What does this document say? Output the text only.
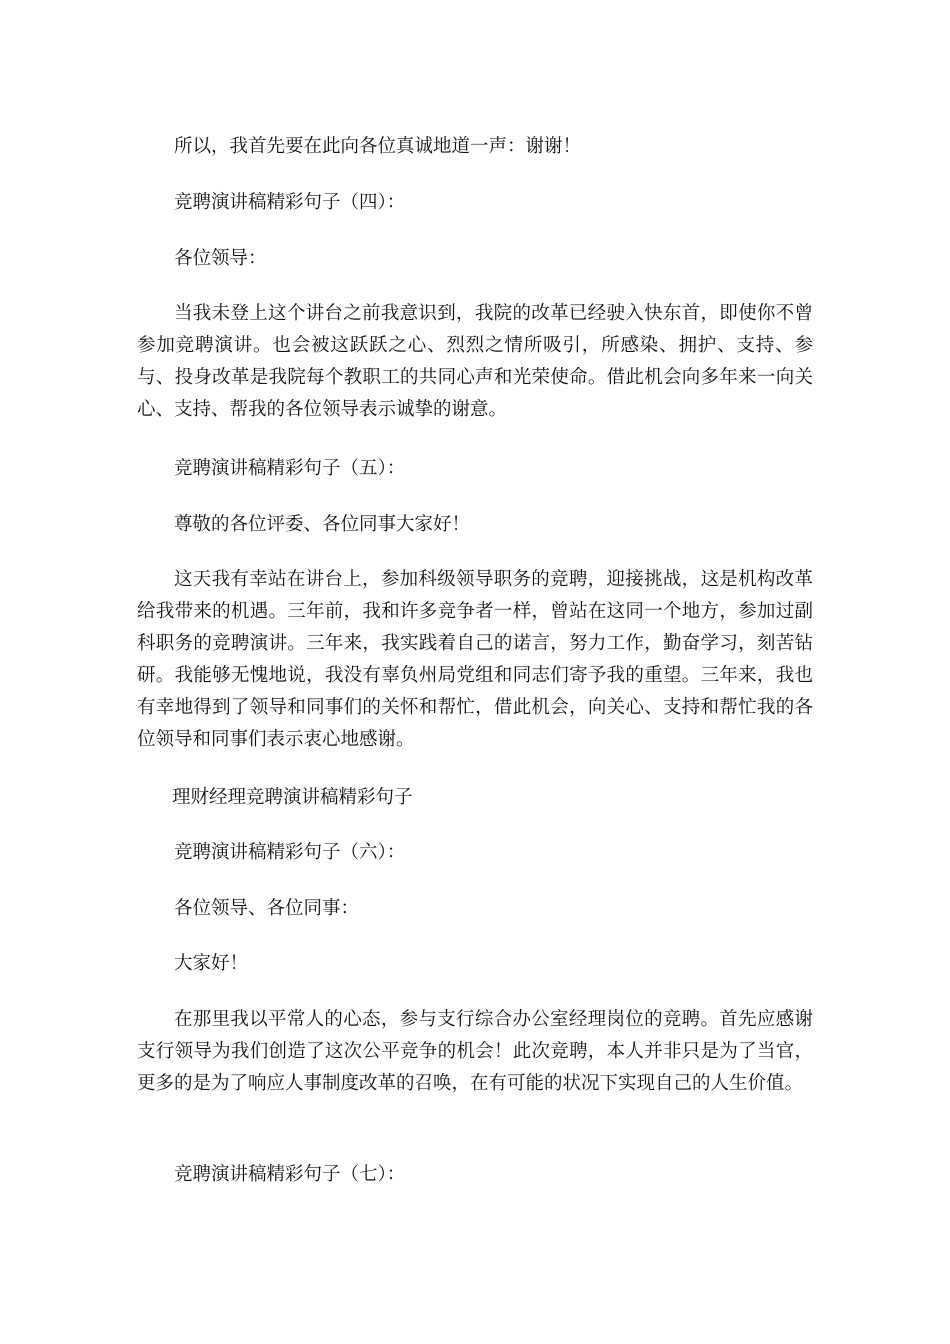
所以，我首先要在此向各位真诚地道一声：谢谢！

竞聘演讲稿精彩句子（四）：

各位领导：

当我未登上这个讲台之前我意识到，我院的改革已经驶入快东首，即使你不曾参加竞聘演讲。也会被这跃跃之心、烈烈之情所吸引，所感染、拥护、支持、参与、投身改革是我院每个教职工的共同心声和光荣使命。借此机会向多年来一向关心、支持、帮我的各位领导表示诚挚的谢意。

竞聘演讲稿精彩句子（五）：

尊敬的各位评委、各位同事大家好！

这天我有幸站在讲台上，参加科级领导职务的竞聘，迎接挑战，这是机构改革给我带来的机遇。三年前，我和许多竞争者一样，曾站在这同一个地方，参加过副科职务的竞聘演讲。三年来，我实践着自己的诺言，努力工作，勤奋学习，刻苦钻研。我能够无愧地说，我没有辜负州局党组和同志们寄予我的重望。三年来，我也有幸地得到了领导和同事们的关怀和帮忙，借此机会，向关心、支持和帮忙我的各位领导和同事们表示衷心地感谢。

理财经理竞聘演讲稿精彩句子

竞聘演讲稿精彩句子（六）：

各位领导、各位同事：

大家好！

在那里我以平常人的心态，参与支行综合办公室经理岗位的竞聘。首先应感谢支行领导为我们创造了这次公平竞争的机会！此次竞聘，本人并非只是为了当官，更多的是为了响应人事制度改革的召唤，在有可能的状况下实现自己的人生价值。

竞聘演讲稿精彩句子（七）：
